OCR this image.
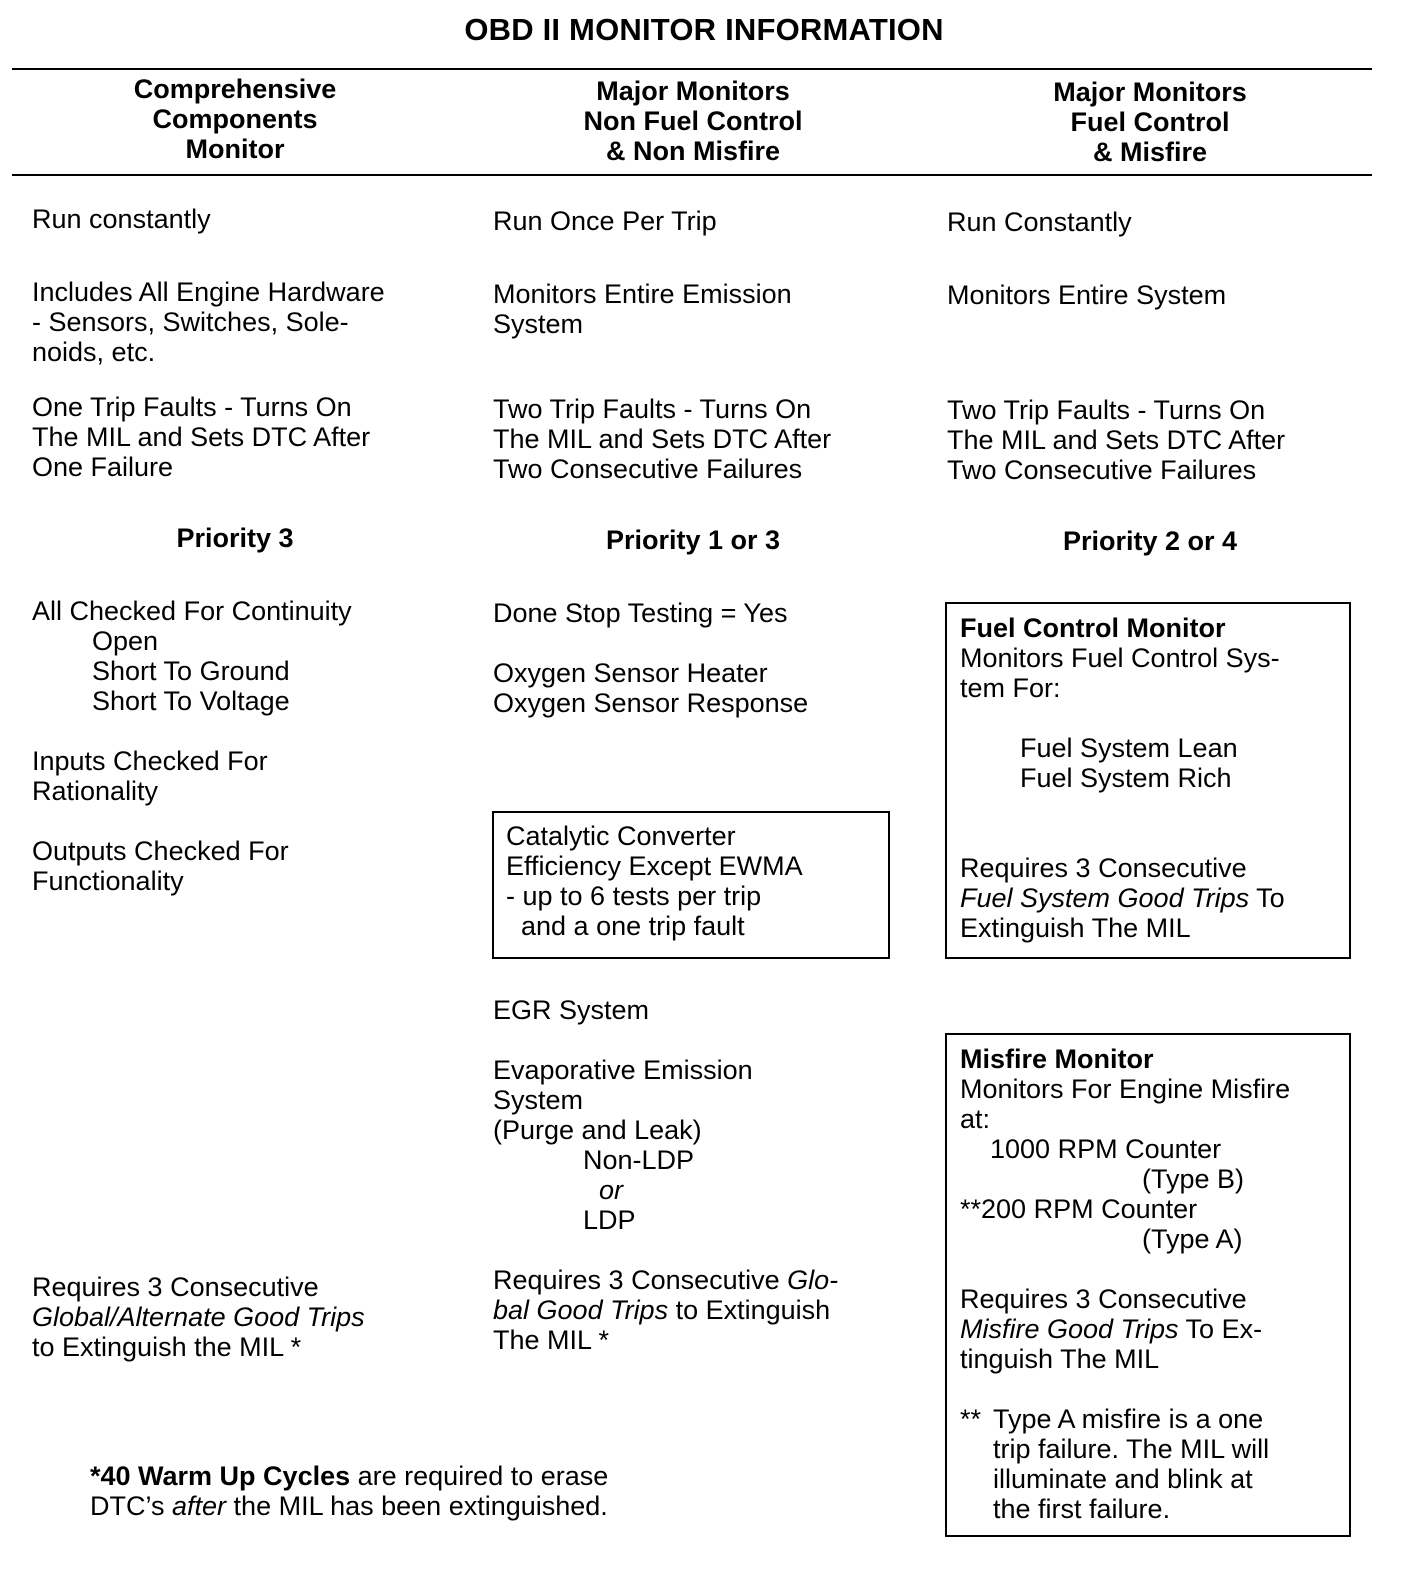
OBD II MONITOR INFORMATION
Comprehensive
Components
Monitor
Major Monitors
Non Fuel Control
& Non Misfire
Major Monitors
Fuel Control
& Misfire
Run constantly
Includes All Engine Hardware
- Sensors, Switches, Sole-
noids, etc.
One Trip Faults - Turns On
The MIL and Sets DTC After
One Failure
Priority 3
All Checked For Continuity
Open
Short To Ground
Short To Voltage
Inputs Checked For
Rationality
Outputs Checked For
Functionality
Requires 3 Consecutive
Global/Alternate Good Trips
to Extinguish the MIL *
Run Once Per Trip
Monitors Entire Emission
System
Two Trip Faults - Turns On
The MIL and Sets DTC After
Two Consecutive Failures
Priority 1 or 3
Done Stop Testing = Yes
Oxygen Sensor Heater
Oxygen Sensor Response
Catalytic Converter
Efficiency Except EWMA
- up to 6 tests per trip
and a one trip fault
EGR System
Evaporative Emission
System
(Purge and Leak)
Non-LDP
or
LDP
Requires 3 Consecutive Glo-
bal Good Trips to Extinguish
The MIL *
Run Constantly
Monitors Entire System
Two Trip Faults - Turns On
The MIL and Sets DTC After
Two Consecutive Failures
Priority 2 or 4
Fuel Control Monitor
Monitors Fuel Control Sys-
tem For:
Fuel System Lean
Fuel System Rich
Requires 3 Consecutive
Fuel System Good Trips To
Extinguish The MIL
Misfire Monitor
Monitors For Engine Misfire
at:
1000 RPM Counter
(Type B)
**200 RPM Counter
(Type A)
Requires 3 Consecutive
Misfire Good Trips To Ex-
tinguish The MIL
** Type A misfire is a one
trip failure. The MIL will
illuminate and blink at
the first failure.
*40 Warm Up Cycles are required to erase
DTC’s after the MIL has been extinguished.
